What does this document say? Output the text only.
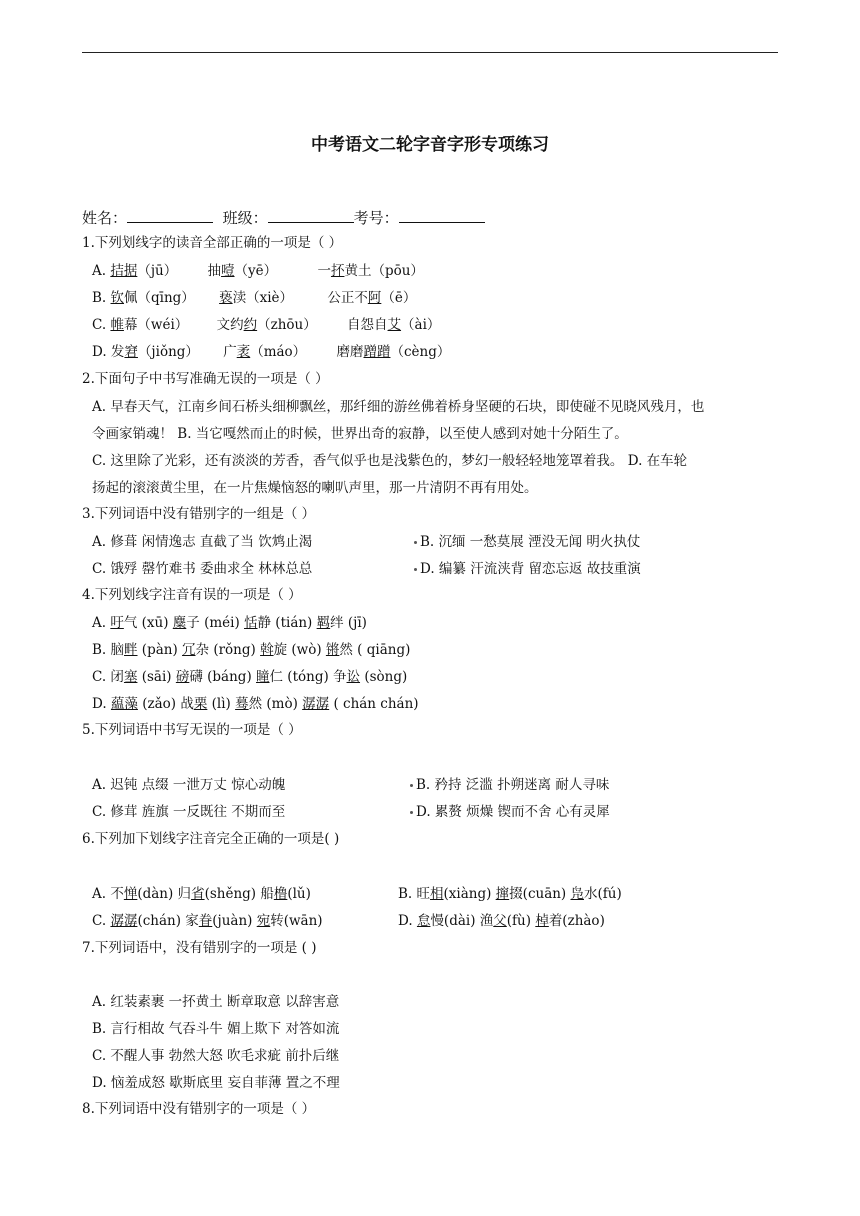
中考语文二轮字音字形专项练习
姓名：	班级：	考号：
1.下列划线字的读音全部正确的一项是（ ）
A. 拮据（jū） 抽噎（yē）	一抔黄土（pōu）
B. 钦佩（qīng） 亵渎（xiè）	公正不阿（ē）
C. 帷幕（wéi） 文约约（zhōu） 自怨自艾（ài）
D. 发窘（jiǒng） 广袤（máo） 磨磨蹭蹭（cèng）
2.下面句子中书写准确无误的一项是（ ）
A. 早春天气，江南乡间石桥头细柳飘丝，那纤细的游丝佛着桥身坚硬的石块，即使碰不见晓风残月，也
令画家销魂！ B. 当它嘎然而止的时候，世界出奇的寂静，以至使人感到对她十分陌生了。
C. 这里除了光彩，还有淡淡的芳香，香气似乎也是浅紫色的，梦幻一般轻轻地笼罩着我。 D. 在车轮
扬起的滚滚黄尘里，在一片焦燥恼怒的喇叭声里，那一片清阴不再有用处。
3.下列词语中没有错别字的一组是（ ）
A. 修葺 闲情逸志 直截了当 饮鸩止渴	B. 沉缅 一愁莫展 湮没无闻 明火执仗
C. 饿殍 罄竹难书 委曲求全 林林总总	D. 编纂 汗流浃背 留恋忘返 故技重演
4.下列划线字注音有误的一项是（ ）
A. 吁气 (xū) 麋子 (méi) 恬静 (tián) 羁绊 (jī)
B. 脑畔 (pàn) 冗杂 (rǒng) 斡旋 (wò) 锵然 ( qiāng)
C. 闭塞 (sāi) 磅礴 (báng) 瞳仁 (tóng) 争讼 (sòng)
D. 藴藻 (zǎo) 战栗 (lì) 蓦然 (mò) 潺潺 ( chán chán)
5.下列词语中书写无误的一项是（ ）
A. 迟钝 点缀 一泄万丈 惊心动魄	B. 矜持 泛滥 扑朔迷离 耐人寻味
C. 修茸 旌旗 一反既往 不期而至	D. 累赘 烦燥 锲而不舍 心有灵犀
6.下列加下划线字注音完全正确的一项是( )
A. 不惮(dàn) 归省(shěng) 船橹(lǔ)	B. 旺相(xiàng) 撺掇(cuān) 凫水(fú)
C. 潺潺(chán) 家眷(juàn) 宛转(wān)	D. 怠慢(dài) 渔父(fù) 棹着(zhào)
7.下列词语中，没有错别字的一项是 ( )
A. 红装素裹 一抔黄土 断章取意 以辞害意
B. 言行相故 气吞斗牛 媚上欺下 对答如流
C. 不醒人事 勃然大怒 吹毛求疵 前扑后继
D. 恼羞成怒 歇斯底里 妄自菲薄 置之不理
8.下列词语中没有错别字的一项是（ ）
